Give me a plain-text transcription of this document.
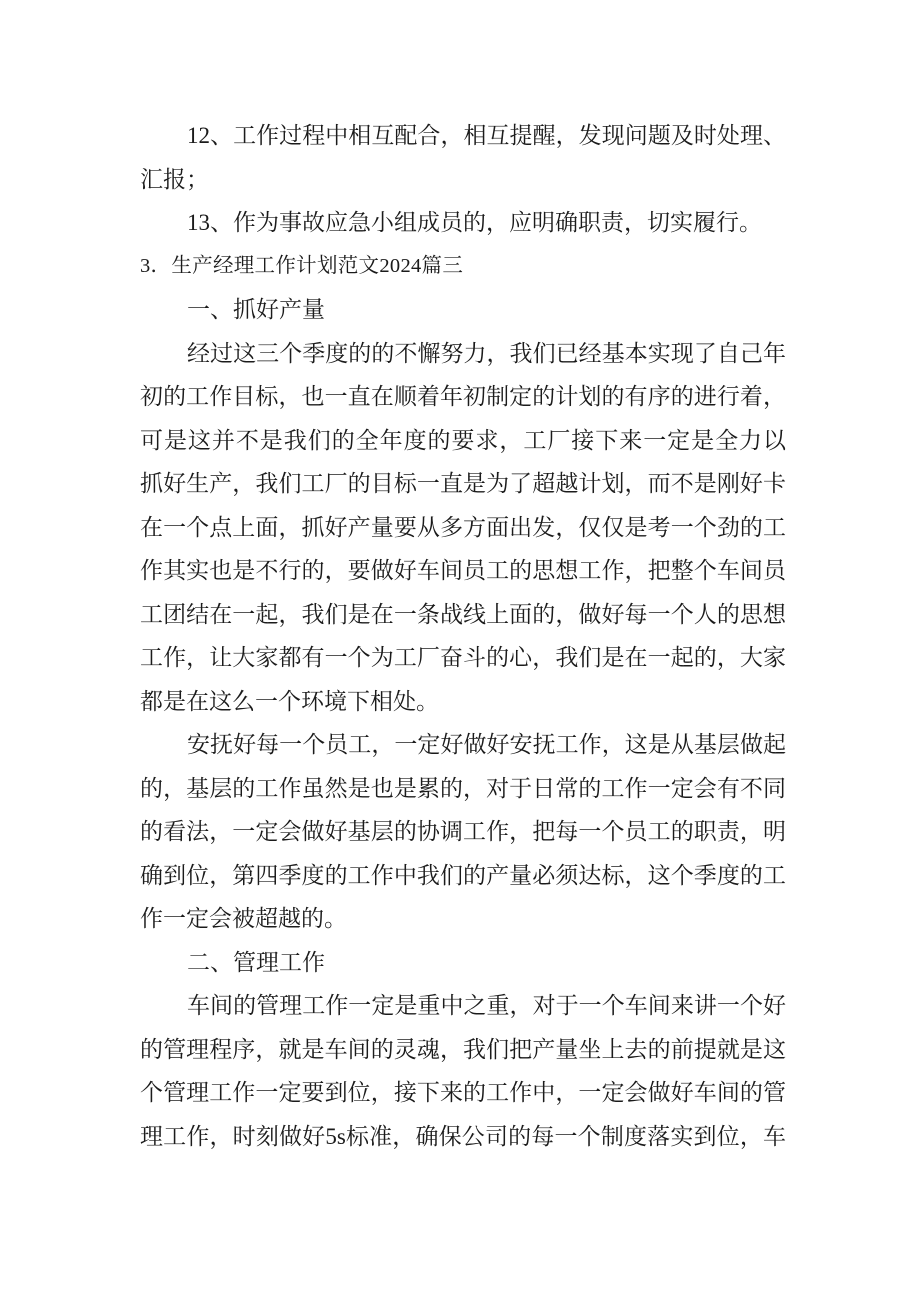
12、工作过程中相互配合，相互提醒，发现问题及时处理、
汇报；
13、作为事故应急小组成员的，应明确职责，切实履行。
3．生产经理工作计划范文2024篇三
一、抓好产量
经过这三个季度的的不懈努力，我们已经基本实现了自己年
初的工作目标，也一直在顺着年初制定的计划的有序的进行着，
可是这并不是我们的全年度的要求，工厂接下来一定是全力以
抓好生产，我们工厂的目标一直是为了超越计划，而不是刚好卡
在一个点上面，抓好产量要从多方面出发，仅仅是考一个劲的工
作其实也是不行的，要做好车间员工的思想工作，把整个车间员
工团结在一起，我们是在一条战线上面的，做好每一个人的思想
工作，让大家都有一个为工厂奋斗的心，我们是在一起的，大家
都是在这么一个环境下相处。
安抚好每一个员工，一定好做好安抚工作，这是从基层做起
的，基层的工作虽然是也是累的，对于日常的工作一定会有不同
的看法，一定会做好基层的协调工作，把每一个员工的职责，明
确到位，第四季度的工作中我们的产量必须达标，这个季度的工
作一定会被超越的。
二、管理工作
车间的管理工作一定是重中之重，对于一个车间来讲一个好
的管理程序，就是车间的灵魂，我们把产量坐上去的前提就是这
个管理工作一定要到位，接下来的工作中，一定会做好车间的管
理工作，时刻做好5s标准，确保公司的每一个制度落实到位，车
